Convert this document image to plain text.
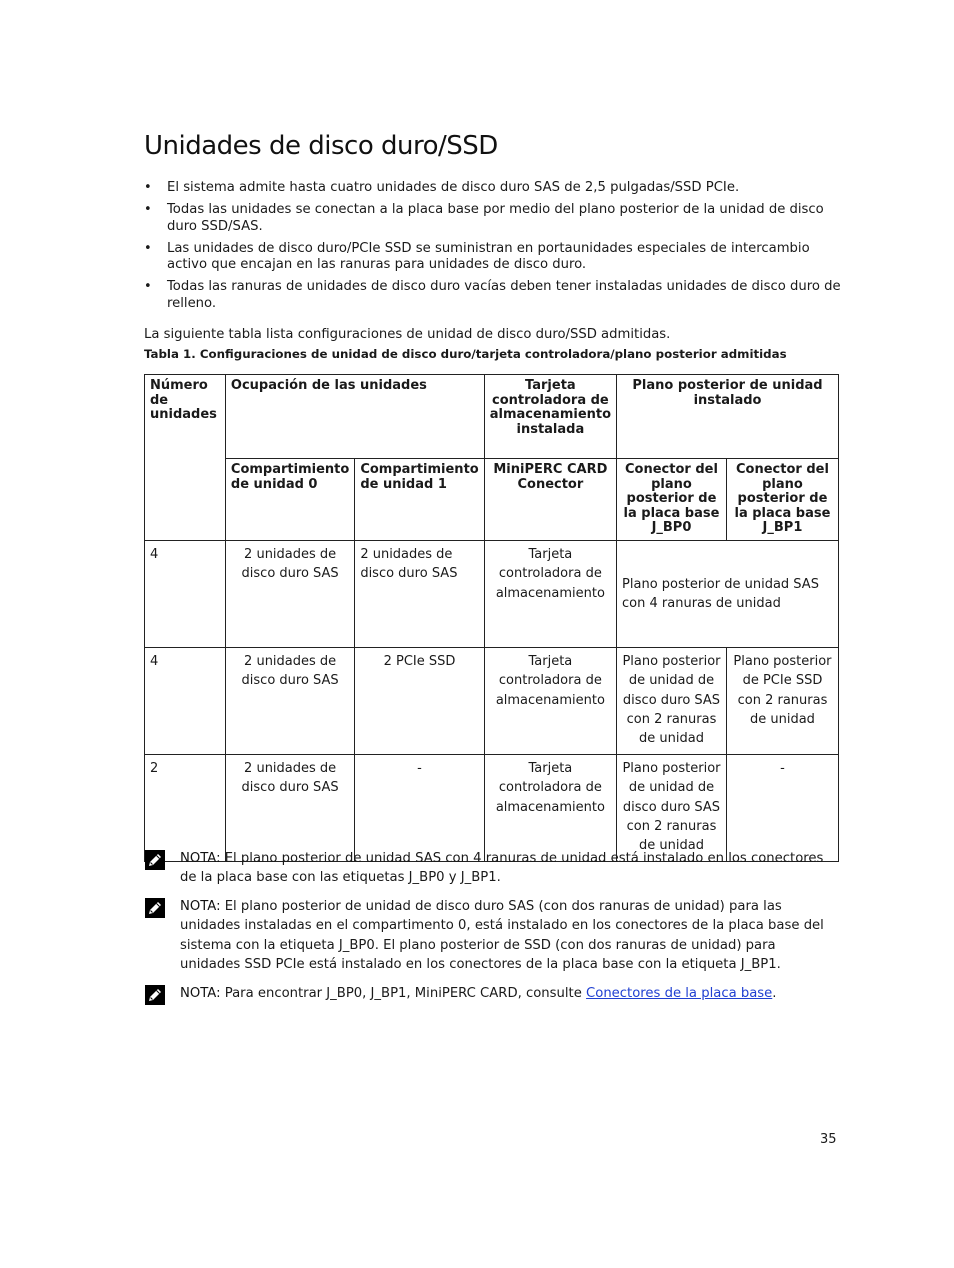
Unidades de disco duro/SSD
• El sistema admite hasta cuatro unidades de disco duro SAS de 2,5 pulgadas/SSD PCIe.
• Todas las unidades se conectan a la placa base por medio del plano posterior de la unidad de disco duro SSD/SAS.
• Las unidades de disco duro/PCIe SSD se suministran en portaunidades especiales de intercambio activo que encajan en las ranuras para unidades de disco duro.
• Todas las ranuras de unidades de disco duro vacías deben tener instaladas unidades de disco duro de relleno.

La siguiente tabla lista configuraciones de unidad de disco duro/SSD admitidas.

Tabla 1. Configuraciones de unidad de disco duro/tarjeta controladora/plano posterior admitidas

Número de unidades	Ocupación de las unidades		Tarjeta controladora de almacenamiento instalada	Plano posterior de unidad instalado	
	Compartimiento de unidad 0	Compartimiento de unidad 1	MiniPERC CARD Conector	Conector del plano posterior de la placa base J_BP0	Conector del plano posterior de la placa base J_BP1
4	2 unidades de disco duro SAS	2 unidades de disco duro SAS	Tarjeta controladora de almacenamiento	Plano posterior de unidad SAS con 4 ranuras de unidad	
4	2 unidades de disco duro SAS	2 PCIe SSD	Tarjeta controladora de almacenamiento	Plano posterior de unidad de disco duro SAS con 2 ranuras de unidad	Plano posterior de PCIe SSD con 2 ranuras de unidad
2	2 unidades de disco duro SAS	-	Tarjeta controladora de almacenamiento	Plano posterior de unidad de disco duro SAS con 2 ranuras de unidad	-
NOTA: El plano posterior de unidad SAS con 4 ranuras de unidad está instalado en los conectores de la placa base con las etiquetas J_BP0 y J_BP1.
NOTA: El plano posterior de unidad de disco duro SAS (con dos ranuras de unidad) para las unidades instaladas en el compartimento 0, está instalado en los conectores de la placa base del sistema con la etiqueta J_BP0. El plano posterior de SSD (con dos ranuras de unidad) para unidades SSD PCIe está instalado en los conectores de la placa base con la etiqueta J_BP1.
NOTA: Para encontrar J_BP0, J_BP1, MiniPERC CARD, consulte Conectores de la placa base.
35
